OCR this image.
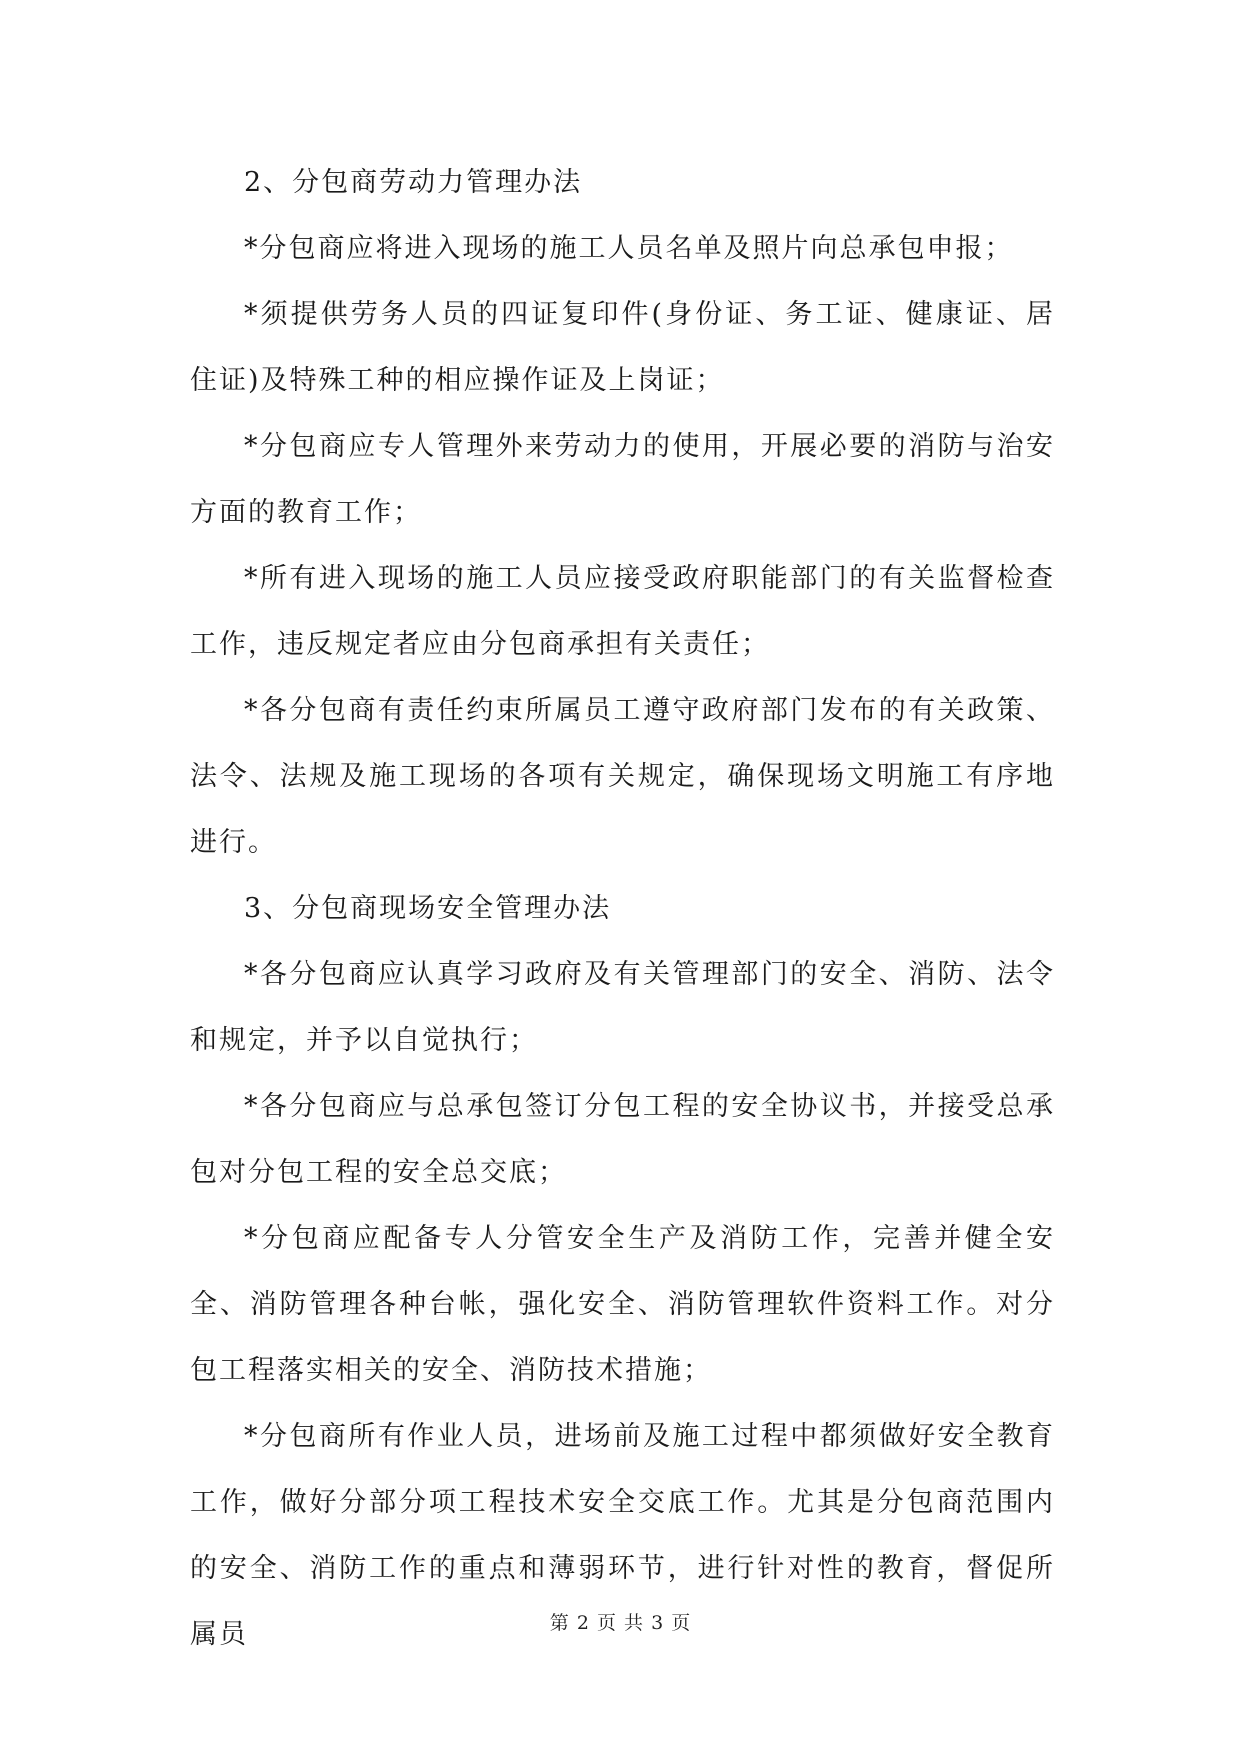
2、分包商劳动力管理办法

*分包商应将进入现场的施工人员名单及照片向总承包申报；

*须提供劳务人员的四证复印件(身份证、务工证、健康证、居住证)及特殊工种的相应操作证及上岗证；

*分包商应专人管理外来劳动力的使用，开展必要的消防与治安方面的教育工作；

*所有进入现场的施工人员应接受政府职能部门的有关监督检查工作，违反规定者应由分包商承担有关责任；

*各分包商有责任约束所属员工遵守政府部门发布的有关政策、法令、法规及施工现场的各项有关规定，确保现场文明施工有序地进行。

3、分包商现场安全管理办法

*各分包商应认真学习政府及有关管理部门的安全、消防、法令和规定，并予以自觉执行；

*各分包商应与总承包签订分包工程的安全协议书，并接受总承包对分包工程的安全总交底；

*分包商应配备专人分管安全生产及消防工作，完善并健全安全、消防管理各种台帐，强化安全、消防管理软件资料工作。对分包工程落实相关的安全、消防技术措施；

*分包商所有作业人员，进场前及施工过程中都须做好安全教育工作，做好分部分项工程技术安全交底工作。尤其是分包商范围内的安全、消防工作的重点和薄弱环节，进行针对性的教育，督促所属员	第 2 页 共 3 页
